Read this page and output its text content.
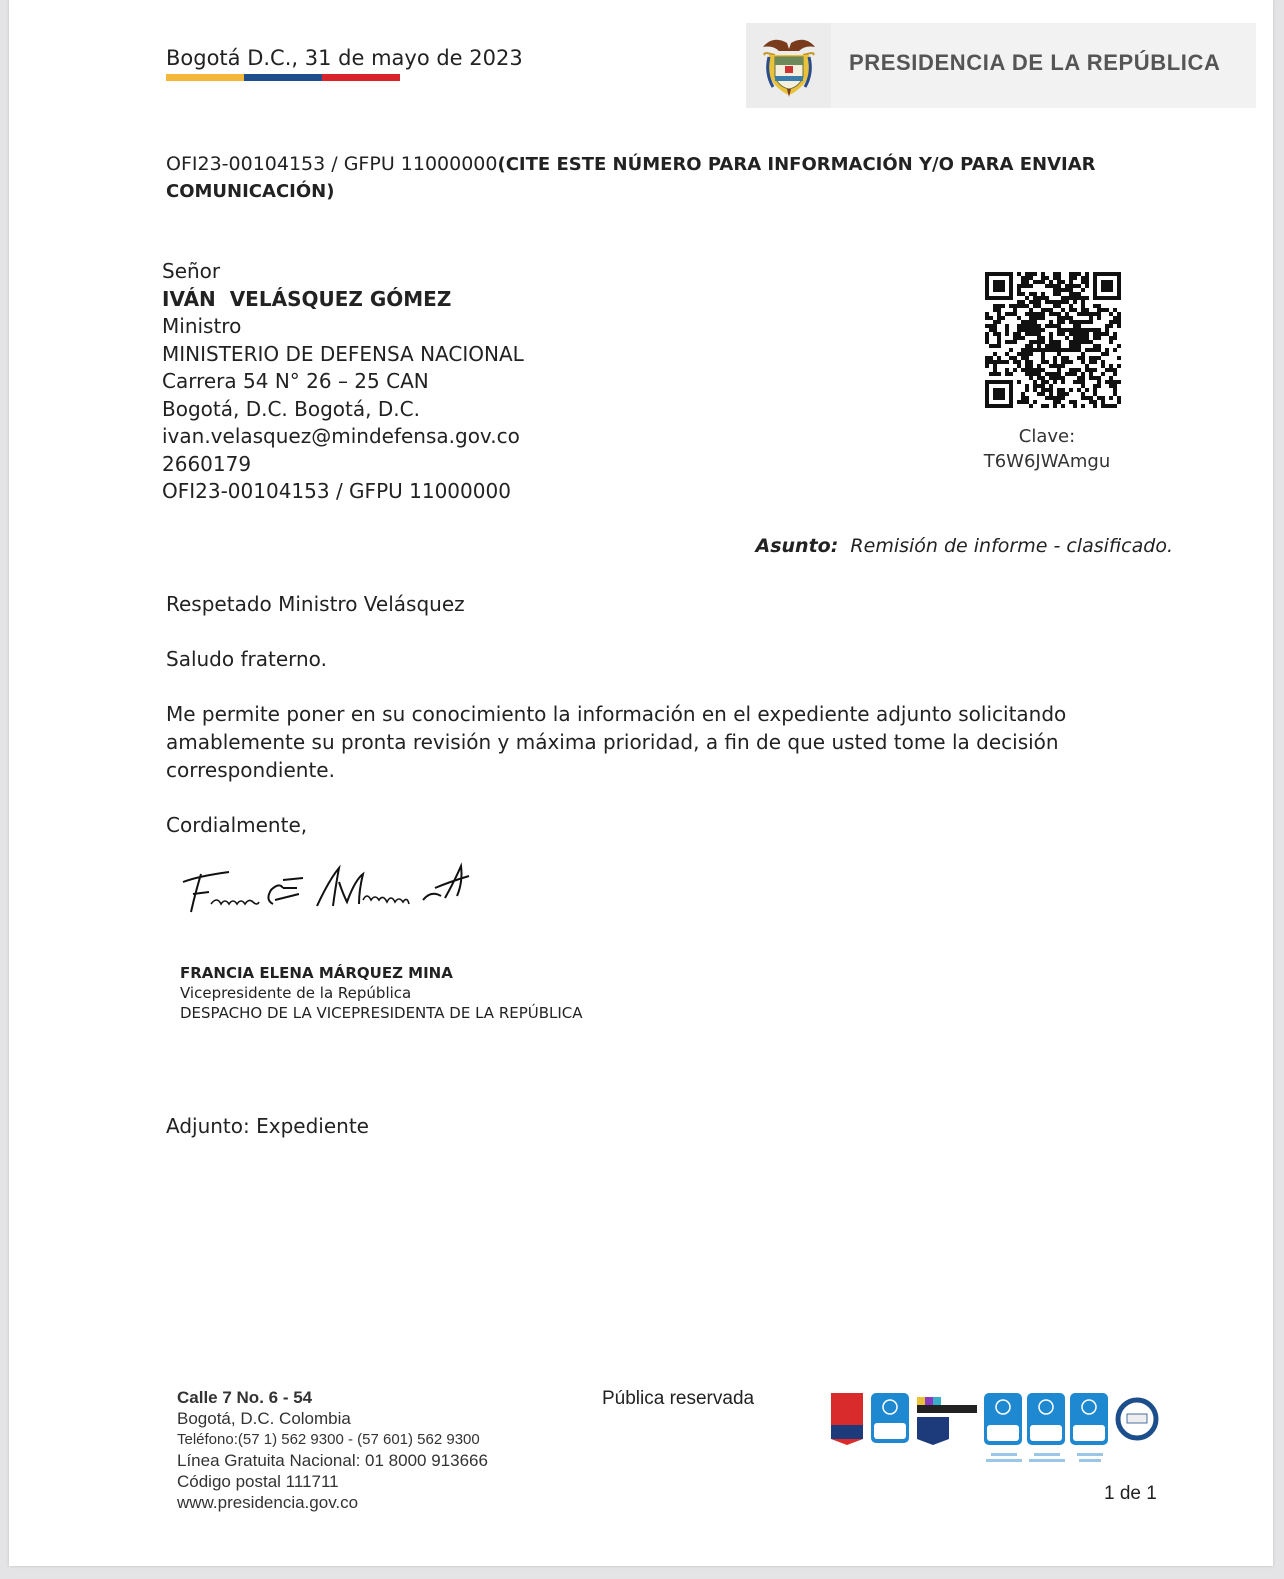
Bogotá D.C., 31 de mayo de 2023	PRESIDENCIA DE LA REPÚBLICA
OFI23-00104153 / GFPU 11000000(CITE ESTE NÚMERO PARA INFORMACIÓN Y/O PARA ENVIAR COMUNICACIÓN)
Señor
IVÁN  VELÁSQUEZ GÓMEZ
Ministro
MINISTERIO DE DEFENSA NACIONAL
Carrera 54 N° 26 – 25 CAN
Bogotá, D.C. Bogotá, D.C.
ivan.velasquez@mindefensa.gov.co
2660179
OFI23-00104153 / GFPU 11000000
Clave:
T6W6JWAmgu
Asunto: Remisión de informe - clasificado.
Respetado Ministro Velásquez
Saludo fraterno.
Me permite poner en su conocimiento la información en el expediente adjunto solicitando amablemente su pronta revisión y máxima prioridad, a fin de que usted tome la decisión correspondiente.
Cordialmente,
FRANCIA ELENA MÁRQUEZ MINA
Vicepresidente de la República
DESPACHO DE LA VICEPRESIDENTA DE LA REPÚBLICA
Adjunto: Expediente
Calle 7 No. 6 - 54
Bogotá, D.C. Colombia
Teléfono:(57 1) 562 9300 - (57 601) 562 9300
Línea Gratuita Nacional: 01 8000 913666
Código postal 111711
www.presidencia.gov.co
Pública reservada
1 de 1
